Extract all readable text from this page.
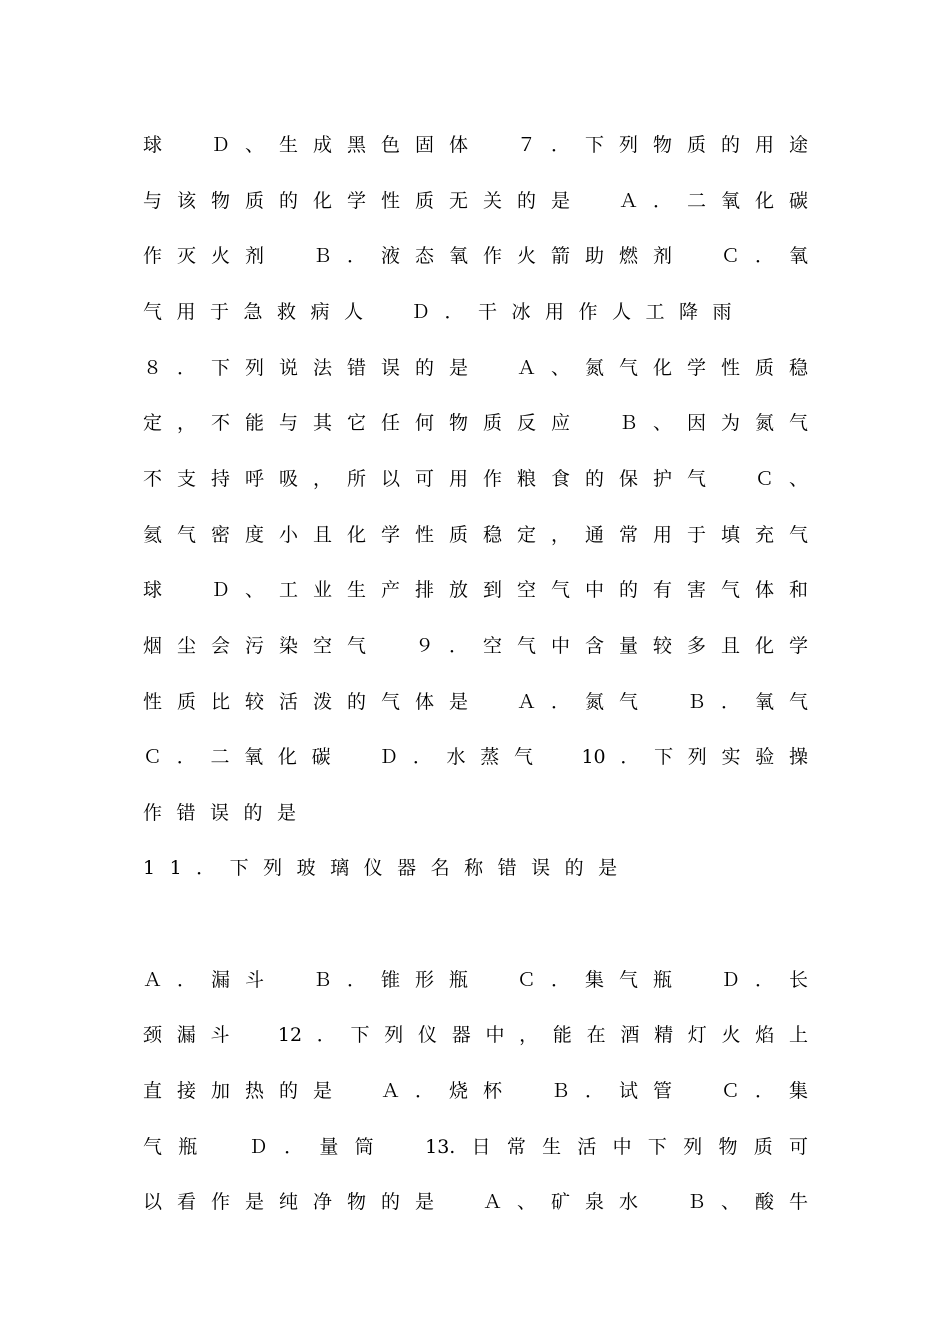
球　Ｄ、生成黑色固体　７．下列物质的用途
与该物质的化学性质无关的是　Ａ．二氧化碳
作灭火剂　Ｂ．液态氧作火箭助燃剂　Ｃ．氧
气用于急救病人　Ｄ．干冰用作人工降雨
８．下列说法错误的是　Ａ、氮气化学性质稳
定，不能与其它任何物质反应　Ｂ、因为氮气
不支持呼吸，所以可用作粮食的保护气　Ｃ、
氦气密度小且化学性质稳定，通常用于填充气
球　Ｄ、工业生产排放到空气中的有害气体和
烟尘会污染空气　９．空气中含量较多且化学
性质比较活泼的气体是　Ａ．氮气　Ｂ．氧气
Ｃ．二氧化碳　Ｄ．水蒸气　10．下列实验操
作错误的是
11．下列玻璃仪器名称错误的是
Ａ．漏斗　Ｂ．锥形瓶　Ｃ．集气瓶　Ｄ．长
颈漏斗　12．下列仪器中，能在酒精灯火焰上
直接加热的是　Ａ．烧杯　Ｂ．试管　Ｃ．集
气瓶　Ｄ．量筒　13.日常生活中下列物质可
以看作是纯净物的是　Ａ、矿泉水　Ｂ、酸牛
